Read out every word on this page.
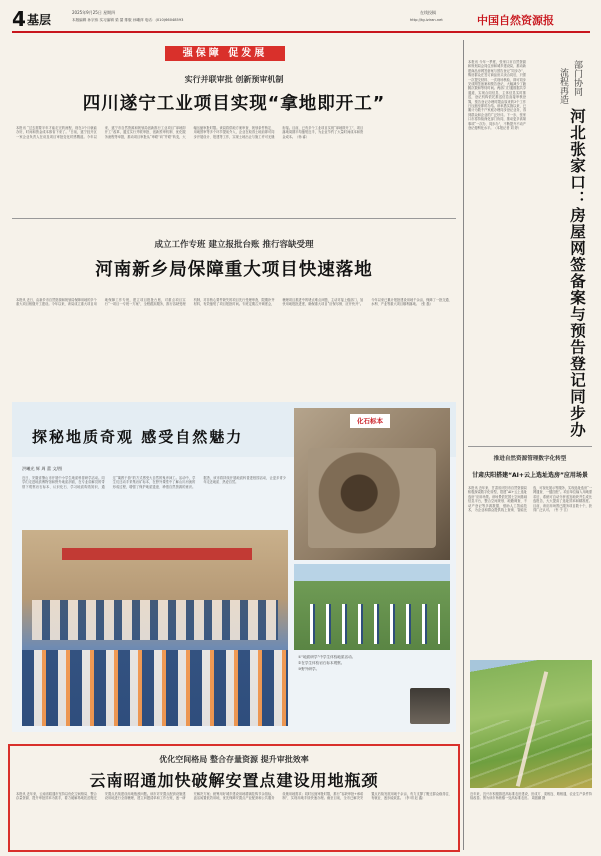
4 基层
2025年9月25日 星期四
本版编辑 孙宗伟 实习编辑 梁 蔷 排版 孙曦萍 电话：(010)66048593
在线投稿
http://tg.iziran.net	中国自然资源报
强保障 促发展
实行并联审批 创新预审机制
四川遂宁工业项目实现“拿地即开工”
本报讯 “过去需要半年才能走完的流程，现在3个月就能办好，时间和资金成本都省下来了。”日前，遂宁经开区一家企业负责人在谈及项目审批变化时感慨道。今年以来，遂宁市自然资源和规划局创新推行工业项目“拿地即开工”改革，通过实行并联审批、创新预审机制、优化服务流程等举措，推动项目审批从“串联”向“并联”转变，大幅压缩审批时限。该局将供地方案审查、规划条件核定、用地预审等多个环节提前介入，企业在取得土地前即可同步开展设计、报建等工作，实现土地出让与施工许可无缝衔接。目前，已有多个工业项目实现“拿地即开工”，项目落地周期平均缩短近半，为企业节约了大量时间成本和资金成本。（杨 睿）
成立工作专班 建立报批台账 推行容缺受理
河南新乡局保障重大项目快速落地
本报讯 近日，由新乡市自然资源和规划局保障用地的多个重大项目相继开工建设。今年以来，该局成立重大项目用地保障工作专班，建立项目报批台账，对重点项目实行“一项目一专班一方案”，全程跟踪服务，推行容缺受理机制，对非核心要件缺失的项目先行受理审查，限期补齐材料，有效缩短了项目报批时间。专班定期召开调度会，梳理项目推进中的堵点难点问题，主动对接上级部门，加快用地报批进度，确保重大项目“应保尽保、应开快开”。今年以来已累计报批建设用地千余亩，保障了一批交通、水利、产业等重大项目顺利落地。（张 磊）
探秘地质奇观 感受自然魅力
洪曦光 辉 周 蕾 文/图
近日，安徽省肇山市开展中小学生地质科普研学活动。同学们走进地质博物馆和野外地质剖面，在专业讲解员的带领下观察岩石标本、认识化石、学习地质构造知识，通过“寓教于游”的方式感受大自然的鬼斧神工。活动中，学生们还动手采集岩矿标本，在野外课堂中了解山川河流的形成过程，增强了保护地质遗迹、珍惜自然资源的意识。据悉，该市将持续开展地质科普进校园活动，让更多青少年走近地质、热爱自然。
化石标本
①“地质研学”中学生体验地质活动。
②在学生体验岩石标本观察。
③野外研学。
优化空间格局 整合存量资源 提升审批效率
云南昭通加快破解安置点建设用地瓶颈
本报讯 近年来，云南省昭通市坚持以优化空间格局、整合存量资源、提升审批效率为抓手，着力破解易地扶贫搬迁安置点后续建设用地瓶颈问题。该市对安置点配套设施建设用地进行全面梳理，建立问题清单和工作台账，逐一研究解决方案；统筹用好城乡建设用地增减挂钩节余指标，盘活闲置低效用地，优先保障安置点产业配套和公共服务设施用地需求；同时压缩审批时限，推行“容缺审批+承诺制”，实现用地手续快速办理。截至目前，全市已解决安置点后续发展用地千余亩，有力支撑了搬迁群众稳得住、有就业、逐步能致富。（李 明 赵 鑫）
本报讯 今年一季度，张家口市自然资源和规划局会同住房和城乡建设局，推动新建商品房网签备案与预告登记“同步办”，购房群众在签订商品房买卖合同后，只需一次提交材料、一次现场核验，即可同步完成网签备案和预告登记，大幅减少了跑腿次数和等待时间。两部门打通数据共享通道，实现合同信息、主体信息实时推送，登记机构依托推送信息直接审核登簿，预告登记办理时限由原来的3个工作日压缩至即时办结。该举措实施以来，已累计为数千户家庭办理同步登记业务，得到群众和企业的广泛好评。下一步，张家口市将持续深化部门协同，推动更多高频事项“一次办、同步办”，不断提升不动产登记便利化水平。（本报记者 刘 婷）
部门协同
流程再造
河北张家口：房屋网签备案与预告登记同步办
推进自然资源管理数字化转型
甘肃庆阳搭建“AI+云上选址选房”应用场景
本报讯 近年来，甘肃省庆阳市自然资源局积极探索数字化转型，搭建“AI+云上选址选房”应用场景。该场景依托国土空间基础信息平台，整合空间规划、地籍调查、不动产登记等多源数据，借助人工智能技术，为企业和群众提供线上查询、智能比选、可视化展示等服务，实现选址选房“一网通查、一键匹配”。项目单位输入用地需求后，系统可自动分析适宜地块并生成比选报告，大大提高了选址效率和精准度。目前，该应用场景已服务项目数十个，获得广泛认可。（韦 子 江）
近年来，宜兴市积极推进高标准农田建设，田成方、渠相连、路相通，农业生产条件持续改善。图为该市杨巷镇一处高标准农田。 周振鹏 摄
